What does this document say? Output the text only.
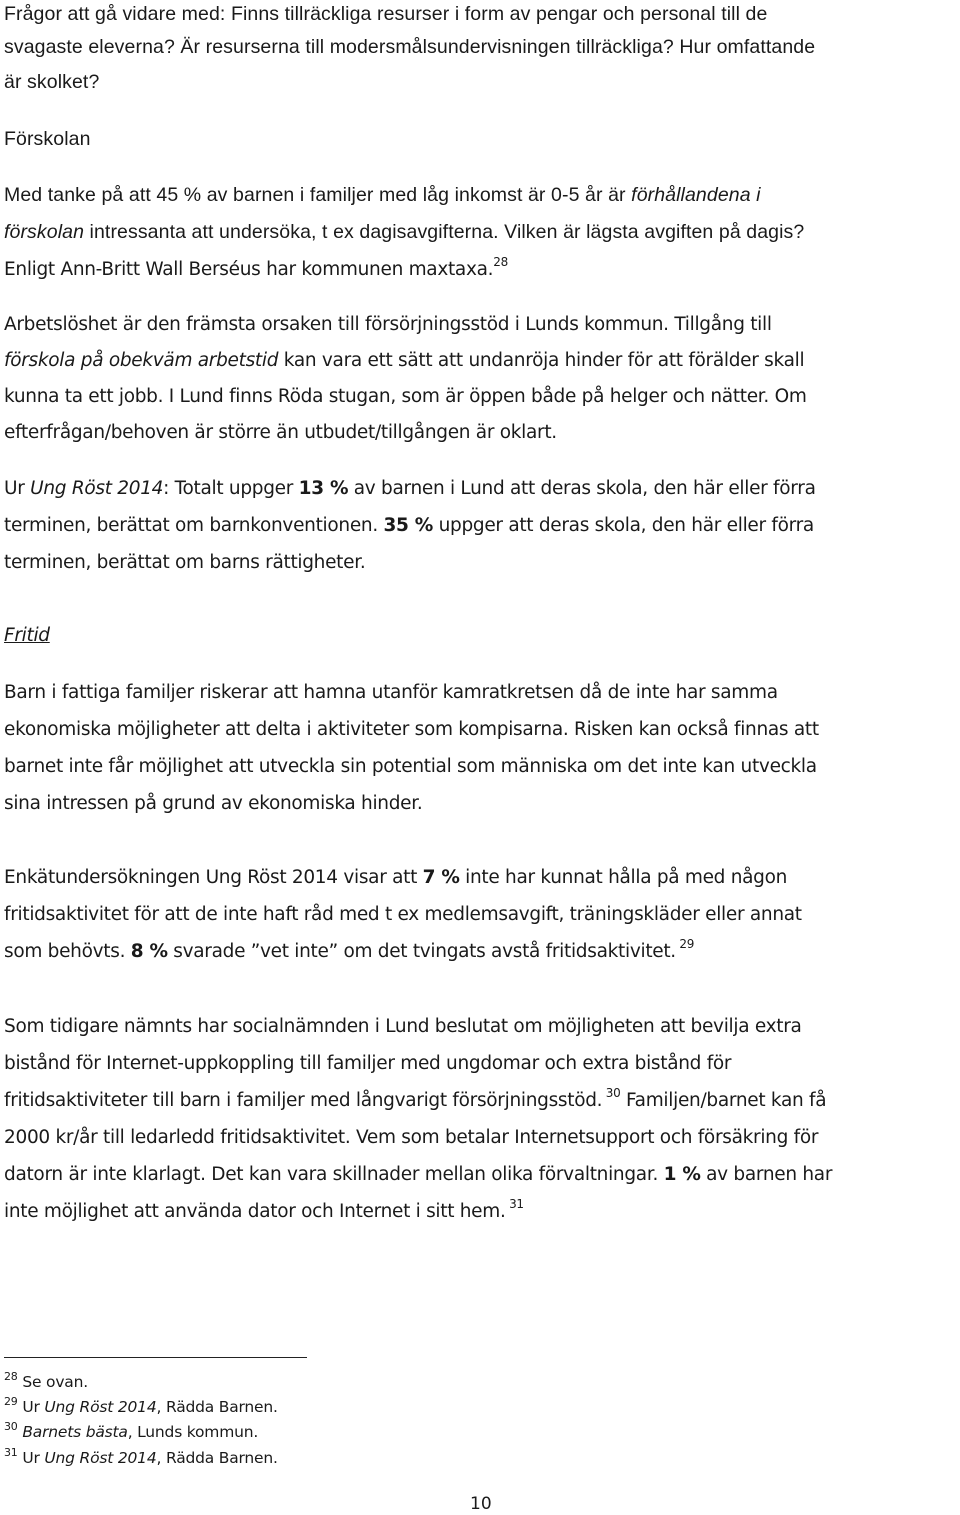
Frågor att gå vidare med: Finns tillräckliga resurser i form av pengar och personal till de

svagaste eleverna? Är resurserna till modersmålsundervisningen tillräckliga? Hur omfattande

är skolket?

Förskolan

Med tanke på att 45 % av barnen i familjer med låg inkomst är 0-5 år är förhållandena i

förskolan intressanta att undersöka, t ex dagisavgifterna. Vilken är lägsta avgiften på dagis?

Enligt Ann-Britt Wall Berséus har kommunen maxtaxa.$^{28}$

Arbetslöshet är den främsta orsaken till försörjningsstöd i Lunds kommun. Tillgång till

förskola på obekväm arbetstid kan vara ett sätt att undanröja hinder för att förälder skall

kunna ta ett jobb. I Lund finns Röda stugan, som är öppen både på helger och nätter. Om

efterfrågan/behoven är större än utbudet/tillgången är oklart.

Ur Ung Röst 2014: Totalt uppger 13 % av barnen i Lund att deras skola, den här eller förra

terminen, berättat om barnkonventionen. 35 % uppger att deras skola, den här eller förra

terminen, berättat om barns rättigheter.

Fritid

Barn i fattiga familjer riskerar att hamna utanför kamratkretsen då de inte har samma

ekonomiska möjligheter att delta i aktiviteter som kompisarna. Risken kan också finnas att

barnet inte får möjlighet att utveckla sin potential som människa om det inte kan utveckla

sina intressen på grund av ekonomiska hinder.

Enkätundersökningen Ung Röst 2014 visar att 7 % inte har kunnat hålla på med någon

fritidsaktivitet för att de inte haft råd med t ex medlemsavgift, träningskläder eller annat

som behövts. 8 % svarade ”vet inte” om det tvingats avstå fritidsaktivitet. $^{29}$

Som tidigare nämnts har socialnämnden i Lund beslutat om möjligheten att bevilja extra

bistånd för Internet-uppkoppling till familjer med ungdomar och extra bistånd för

fritidsaktiviteter till barn i familjer med långvarigt försörjningsstöd. $^{30}$ Familjen/barnet kan få

2000 kr/år till ledarledd fritidsaktivitet. Vem som betalar Internetsupport och försäkring för

datorn är inte klarlagt. Det kan vara skillnader mellan olika förvaltningar. 1 % av barnen har

inte möjlighet att använda dator och Internet i sitt hem. $^{31}$

$^{28}$ Se ovan.
$^{29}$ Ur Ung Röst 2014, Rädda Barnen.
$^{30}$ Barnets bästa, Lunds kommun.
$^{31}$ Ur Ung Röst 2014, Rädda Barnen.
10
